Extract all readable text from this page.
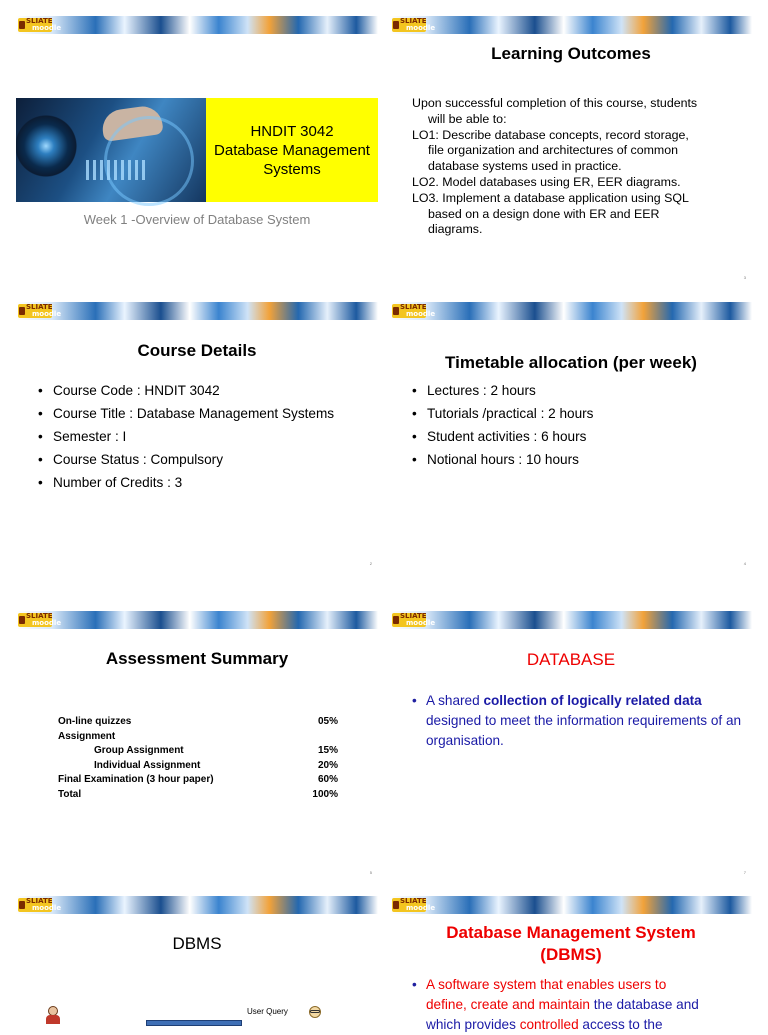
SLIATE
moodle
HNDIT 3042
Database Management
Systems
Week 1 -Overview of Database System
SLIATE
moodle
Learning Outcomes

Upon successful completion of this course, students

will be able to:

LO1: Describe database concepts, record storage,

file organization and architectures of common

database systems used in practice.

LO2. Model databases using ER, EER diagrams.

LO3. Implement a database application using SQL

based on a design done with ER and EER

diagrams.

3
SLIATE
moodle
Course Details
• Course Code : HNDIT 3042
• Course Title : Database Management Systems
• Semester : I
• Course Status : Compulsory
• Number of Credits : 3
2
SLIATE
moodle
Timetable allocation (per week)
• Lectures : 2 hours
• Tutorials /practical : 2 hours
• Student activities : 6 hours
• Notional hours : 10 hours
4
SLIATE
moodle
Assessment Summary
On-line quizzes	05%
Assignment
Group Assignment	15%
Individual Assignment	20%
Final Examination (3 hour paper)	60%
Total	100%
5
SLIATE
moodle
DATABASE
• A shared collection of logically related data designed to meet the information requirements of an organisation.
7
SLIATE
moodle
DBMS
User Query
SLIATE
moodle
Database Management System
(DBMS)
• A software system that enables users to
define, create and maintain the database and
which provides controlled access to the
